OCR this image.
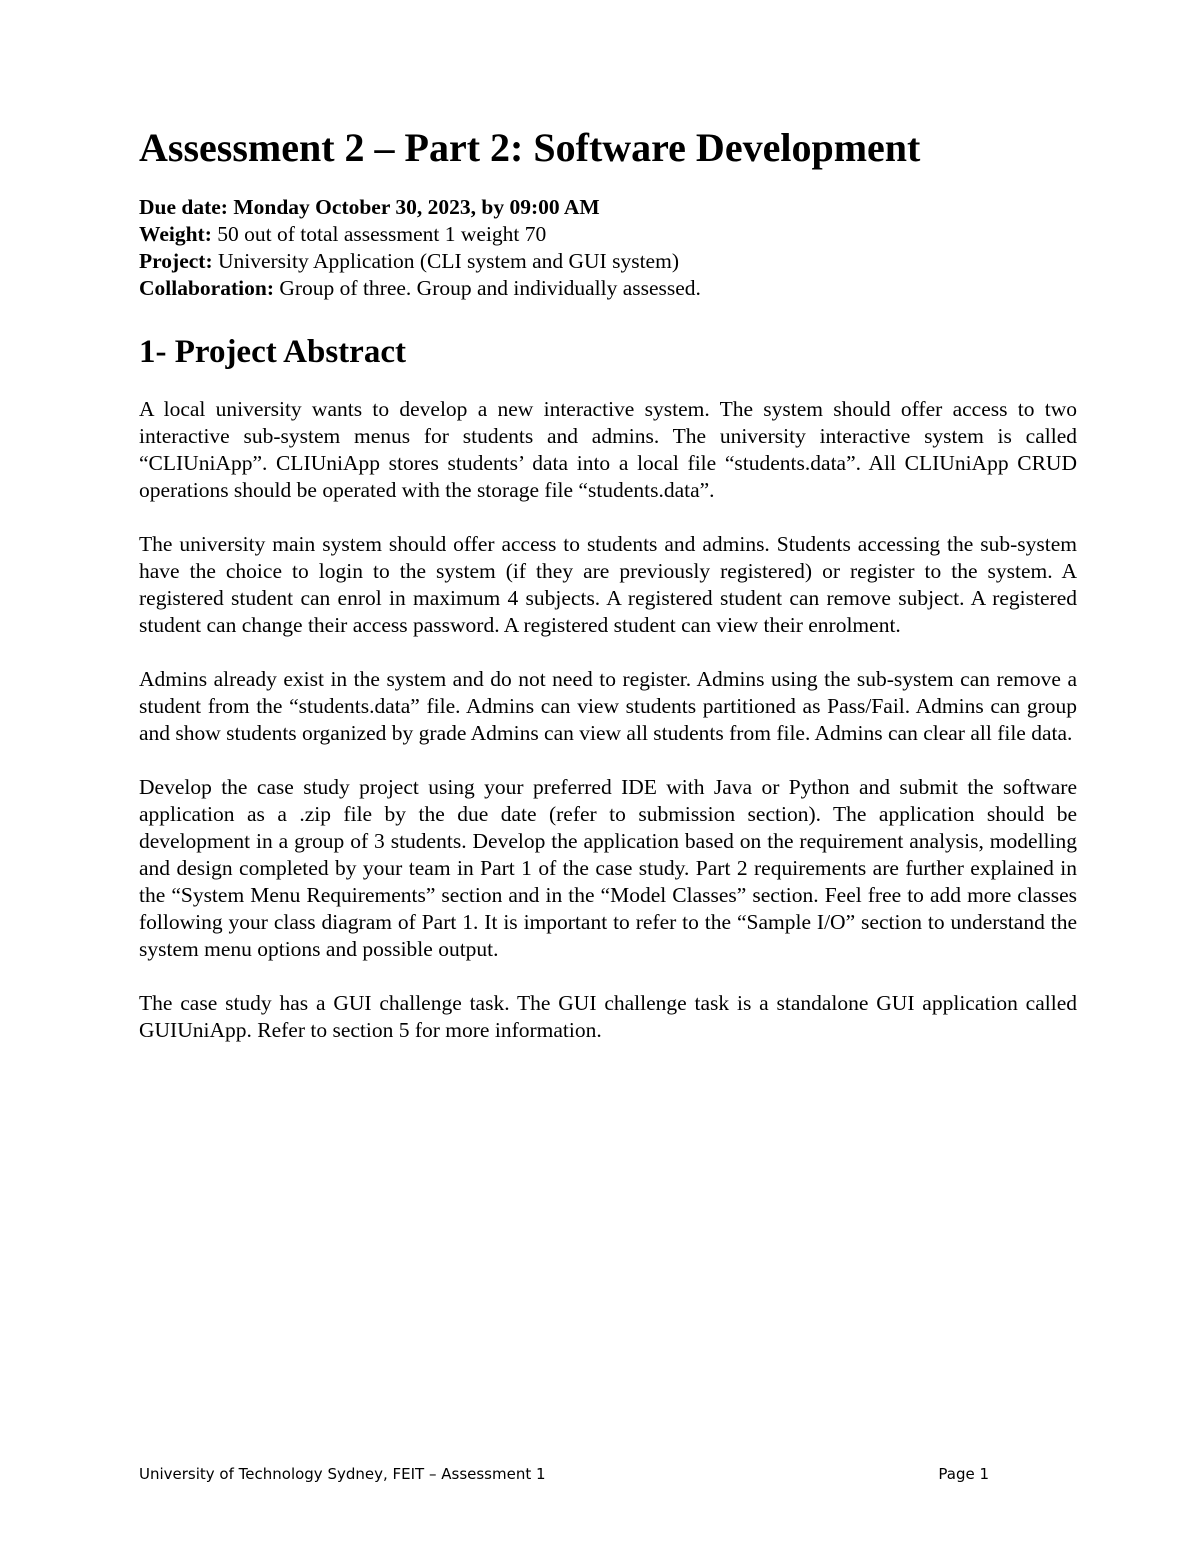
Assessment 2 – Part 2: Software Development
Due date: Monday October 30, 2023, by 09:00 AM
Weight: 50 out of total assessment 1 weight 70
Project: University Application (CLI system and GUI system)
Collaboration: Group of three. Group and individually assessed.
1- Project Abstract

A local university wants to develop a new interactive system. The system should offer access to two interactive sub-system menus for students and admins. The university interactive system is called “CLIUniApp”. CLIUniApp stores students’ data into a local file “students.data”. All CLIUniApp CRUD operations should be operated with the storage file “students.data”.

The university main system should offer access to students and admins. Students accessing the sub-system have the choice to login to the system (if they are previously registered) or register to the system. A registered student can enrol in maximum 4 subjects. A registered student can remove subject. A registered student can change their access password. A registered student can view their enrolment.

Admins already exist in the system and do not need to register. Admins using the sub-system can remove a student from the “students.data” file. Admins can view students partitioned as Pass/Fail. Admins can group and show students organized by grade Admins can view all students from file. Admins can clear all file data.

Develop the case study project using your preferred IDE with Java or Python and submit the software application as a .zip file by the due date (refer to submission section). The application should be development in a group of 3 students. Develop the application based on the requirement analysis, modelling and design completed by your team in Part 1 of the case study. Part 2 requirements are further explained in the “System Menu Requirements” section and in the “Model Classes” section. Feel free to add more classes following your class diagram of Part 1. It is important to refer to the “Sample I/O” section to understand the system menu options and possible output.

The case study has a GUI challenge task. The GUI challenge task is a standalone GUI application called GUIUniApp. Refer to section 5 for more information.

University of Technology Sydney, FEIT – Assessment 1	Page 1
